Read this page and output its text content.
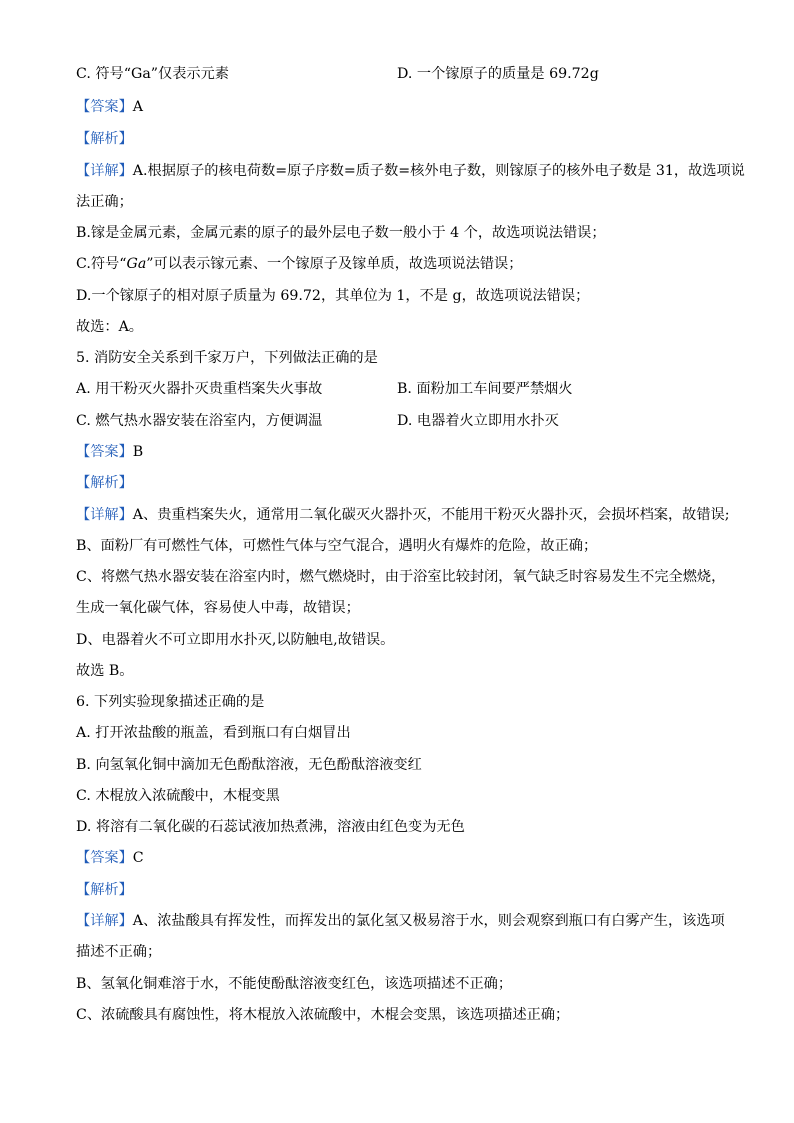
C. 符号“Ga”仅表示元素	D. 一个镓原子的质量是 69.72g
【答案】A
【解析】
【详解】A.根据原子的核电荷数=原子序数=质子数=核外电子数，则镓原子的核外电子数是 31，故选项说
法正确；
B.镓是金属元素，金属元素的原子的最外层电子数一般小于 4 个，故选项说法错误；
C.符号“Ga”可以表示镓元素、一个镓原子及镓单质，故选项说法错误；
D.一个镓原子的相对原子质量为 69.72，其单位为 1，不是 g，故选项说法错误；
故选：A。
5. 消防安全关系到千家万户，下列做法正确的是
A. 用干粉灭火器扑灭贵重档案失火事故	B. 面粉加工车间要严禁烟火
C. 燃气热水器安装在浴室内，方便调温	D. 电器着火立即用水扑灭
【答案】B
【解析】
【详解】A、贵重档案失火，通常用二氧化碳灭火器扑灭，不能用干粉灭火器扑灭，会损坏档案，故错误;
B、面粉厂有可燃性气体，可燃性气体与空气混合，遇明火有爆炸的危险，故正确；
C、将燃气热水器安装在浴室内时，燃气燃烧时，由于浴室比较封闭，氧气缺乏时容易发生不完全燃烧，
生成一氧化碳气体，容易使人中毒，故错误；
D、电器着火不可立即用水扑灭,以防触电,故错误。
故选 B。
6. 下列实验现象描述正确的是
A. 打开浓盐酸的瓶盖，看到瓶口有白烟冒出
B. 向氢氧化铜中滴加无色酚酞溶液，无色酚酞溶液变红
C. 木棍放入浓硫酸中，木棍变黑
D. 将溶有二氧化碳的石蕊试液加热煮沸，溶液由红色变为无色
【答案】C
【解析】
【详解】A、浓盐酸具有挥发性，而挥发出的氯化氢又极易溶于水，则会观察到瓶口有白雾产生，该选项
描述不正确；
B、氢氧化铜难溶于水，不能使酚酞溶液变红色，该选项描述不正确；
C、浓硫酸具有腐蚀性，将木棍放入浓硫酸中，木棍会变黑，该选项描述正确；
